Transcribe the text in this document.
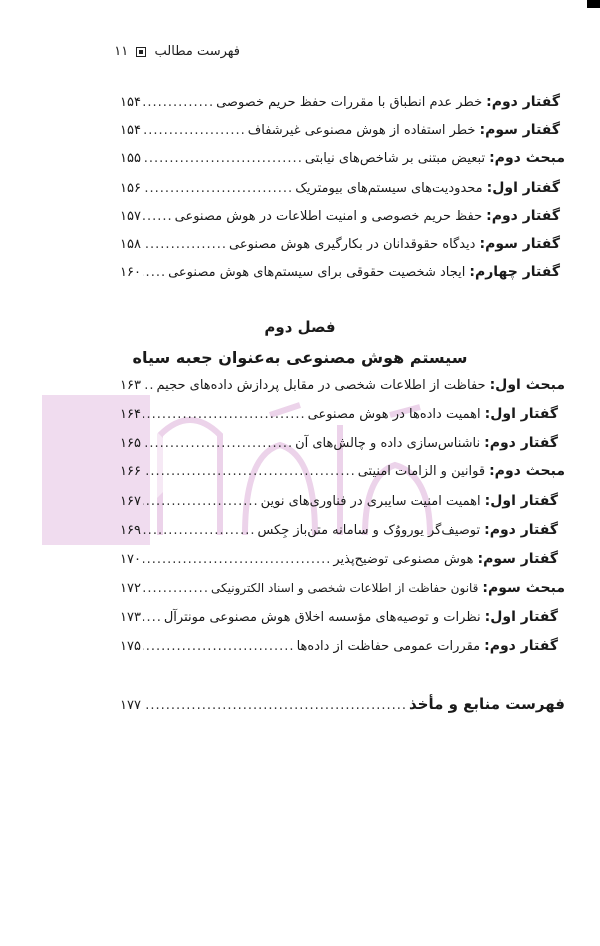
فهرست مطالب  ۱۱
گفتار دوم:
خطر عدم انطباق با مقررات حفظ حریم خصوصی
.....
۱۵۴
گفتار سوم:
خطر استفاده از هوش مصنوعی غیرشفاف
.....
۱۵۴
مبحث دوم:
تبعیض مبتنی بر شاخص‌های نیابتی
.....
۱۵۵
گفتار اول:
محدودیت‌های سیستم‌های بیومتریک
.....
۱۵۶
گفتار دوم:
حفظ حریم خصوصی و امنیت اطلاعات در هوش مصنوعی
.....
۱۵۷
گفتار سوم:
دیدگاه حقوقدانان در بکارگیری هوش مصنوعی
.....
۱۵۸
گفتار چهارم:
ایجاد شخصیت حقوقی برای سیستم‌های هوش مصنوعی
.....
۱۶۰
فصل دوم
سیستم هوش مصنوعی به‌عنوان جعبه سیاه
مبحث اول:
حفاظت از اطلاعات شخصی در مقابل پردازش داده‌های حجیم
.....
۱۶۳
گفتار اول:
اهمیت داده‌ها در هوش مصنوعی
.....
۱۶۴
گفتار دوم:
ناشناس‌سازی داده و چالش‌های آن
.....
۱۶۵
مبحث دوم:
قوانین و الزامات امنیتی
.....
۱۶۶
گفتار اول:
اهمیت امنیت سایبری در فناوری‌های نوین
.....
۱۶۷
گفتار دوم:
توصیف‌گر یورووُک و سامانه متن‌باز جِکس
.....
۱۶۹
گفتار سوم:
هوش مصنوعی توضیح‌پذیر
.....
۱۷۰
مبحث سوم:
قانون حفاظت از اطلاعات شخصی و اسناد الکترونیکی
.....
۱۷۲
گفتار اول:
نظرات و توصیه‌های مؤسسه اخلاق هوش مصنوعی مونترآل
.....
۱۷۳
گفتار دوم:
مقررات عمومی حفاظت از داده‌ها
.....
۱۷۵
فهرست منابع و مأخذ
.....
۱۷۷
